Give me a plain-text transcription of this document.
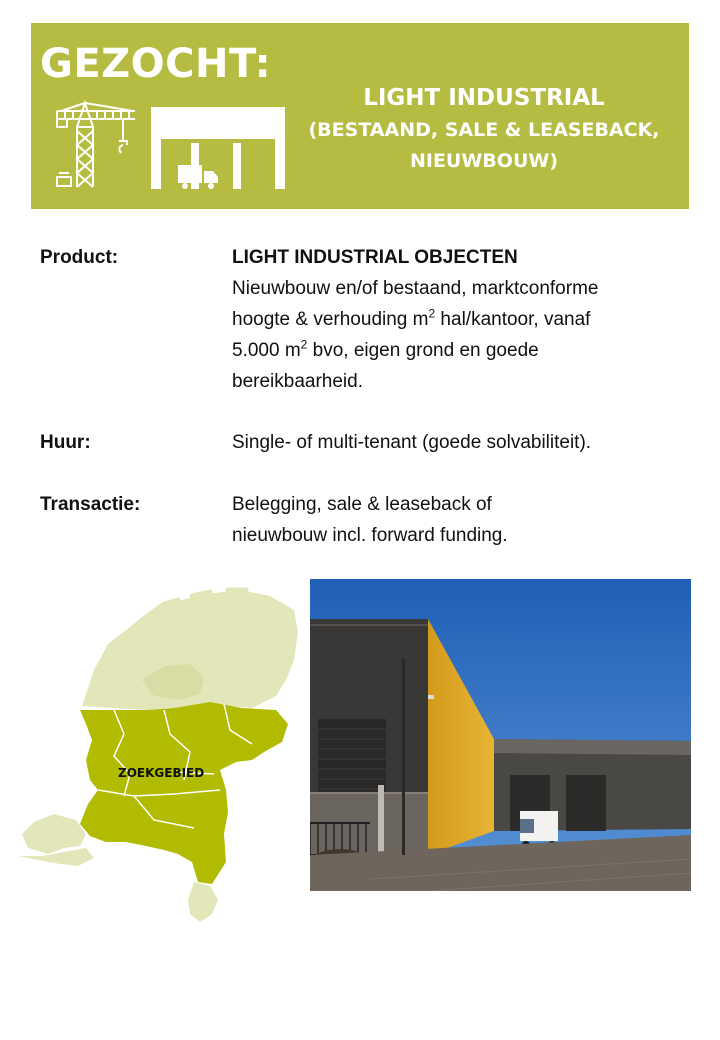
GEZOCHT:
LIGHT INDUSTRIAL
(BESTAAND, SALE & LEASEBACK,
NIEUWBOUW)
Product:	LIGHT INDUSTRIAL OBJECTEN
Nieuwbouw en/of bestaand, marktconforme
hoogte & verhouding $m^2$ hal/kantoor, vanaf
5.000 $m^2$ bvo, eigen grond en goede
bereikbaarheid.
Huur:	Single- of multi-tenant (goede solvabiliteit).
Transactie:	Belegging, sale & leaseback of
nieuwbouw incl. forward funding.
ZOEKGEBIED
